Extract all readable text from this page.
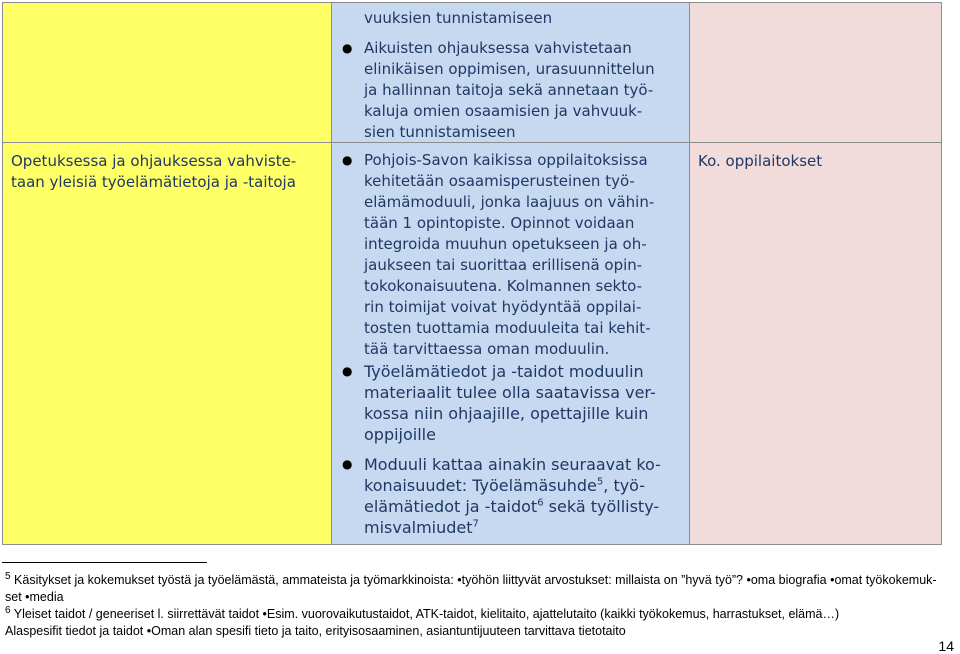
Opetuksessa ja ohjauksessa vahviste-
taan yleisiä työelämätietoja ja -taitoja
vuuksien tunnistamiseen
● Aikuisten ohjauksessa vahvistetaan
elinikäisen oppimisen, urasuunnittelun
ja hallinnan taitoja sekä annetaan työ-
kaluja omien osaamisien ja vahvuuk-
sien tunnistamiseen
● Pohjois-Savon kaikissa oppilaitoksissa
kehitetään osaamisperusteinen työ-
elämämoduuli, jonka laajuus on vähin-
tään 1 opintopiste. Opinnot voidaan
integroida muuhun opetukseen ja oh-
jaukseen tai suorittaa erillisenä opin-
tokokonaisuutena. Kolmannen sekto-
rin toimijat voivat hyödyntää oppilai-
tosten tuottamia moduuleita tai kehit-
tää tarvittaessa oman moduulin.
● Työelämätiedot ja -taidot moduulin
materiaalit tulee olla saatavissa ver-
kossa niin ohjaajille, opettajille kuin
oppijoille
● Moduuli kattaa ainakin seuraavat ko-
konaisuudet: Työelämäsuhde$^5$, työ-
elämätiedot ja -taidot$^6$ sekä työllisty-
misvalmiudet$^7$
Ko. oppilaitokset
$^5$ Käsitykset ja kokemukset työstä ja työelämästä, ammateista ja työmarkkinoista: •työhön liittyvät arvostukset: millaista on ”hyvä työ”? •oma biografia •omat työkokemuk-
set •media
$^6$ Yleiset taidot / geneeriset l. siirrettävät taidot •Esim. vuorovaikutustaidot, ATK-taidot, kielitaito, ajattelutaito (kaikki työkokemus, harrastukset, elämä…)
Alaspesifit tiedot ja taidot •Oman alan spesifi tieto ja taito, erityisosaaminen, asiantuntijuuteen tarvittava tietotaito
14
